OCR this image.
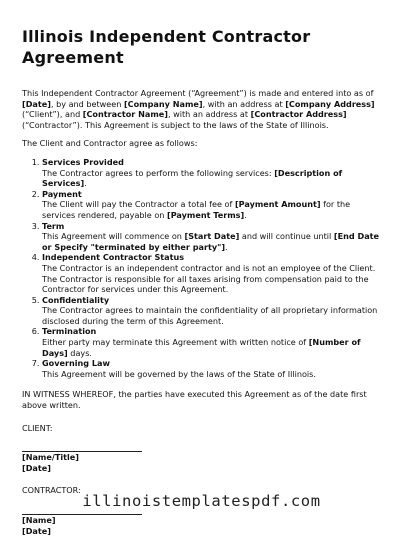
Illinois Independent Contractor Agreement

This Independent Contractor Agreement (“Agreement”) is made and entered into as of [Date], by and between [Company Name], with an address at [Company Address] (“Client”), and [Contractor Name], with an address at [Contractor Address] (“Contractor”). This Agreement is subject to the laws of the State of Illinois.

The Client and Contractor agree as follows:

1. Services Provided
The Contractor agrees to perform the following services: [Description of Services].
2. Payment
The Client will pay the Contractor a total fee of [Payment Amount] for the services rendered, payable on [Payment Terms].
3. Term
This Agreement will commence on [Start Date] and will continue until [End Date or Specify "terminated by either party"].
4. Independent Contractor Status
The Contractor is an independent contractor and is not an employee of the Client. The Contractor is responsible for all taxes arising from compensation paid to the Contractor for services under this Agreement.
5. Confidentiality
The Contractor agrees to maintain the confidentiality of all proprietary information disclosed during the term of this Agreement.
6. Termination
Either party may terminate this Agreement with written notice of [Number of Days] days.
7. Governing Law
This Agreement will be governed by the laws of the State of Illinois.

IN WITNESS WHEREOF, the parties have executed this Agreement as of the date first above written.

CLIENT:

[Name/Title]
[Date]

CONTRACTOR:

[Name]
[Date]
illinoistemplatespdf.com
